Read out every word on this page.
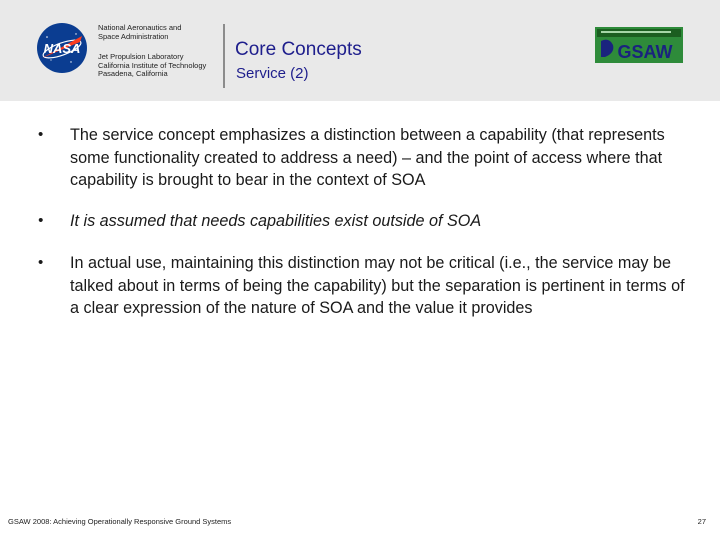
NASA
National Aeronautics and
Space Administration
Jet Propulsion Laboratory
California Institute of Technology
Pasadena, California
Core Concepts
Service (2)
GSAW
• The service concept emphasizes a distinction between a capability (that represents some functionality created to address a need) – and the point of access where that capability is brought to bear in the context of SOA
• It is assumed that needs capabilities exist outside of SOA
• In actual use, maintaining this distinction may not be critical (i.e., the service may be talked about in terms of being the capability) but the separation is pertinent in terms of a clear expression of the nature of SOA and the value it provides
GSAW 2008: Achieving Operationally Responsive Ground Systems	27
